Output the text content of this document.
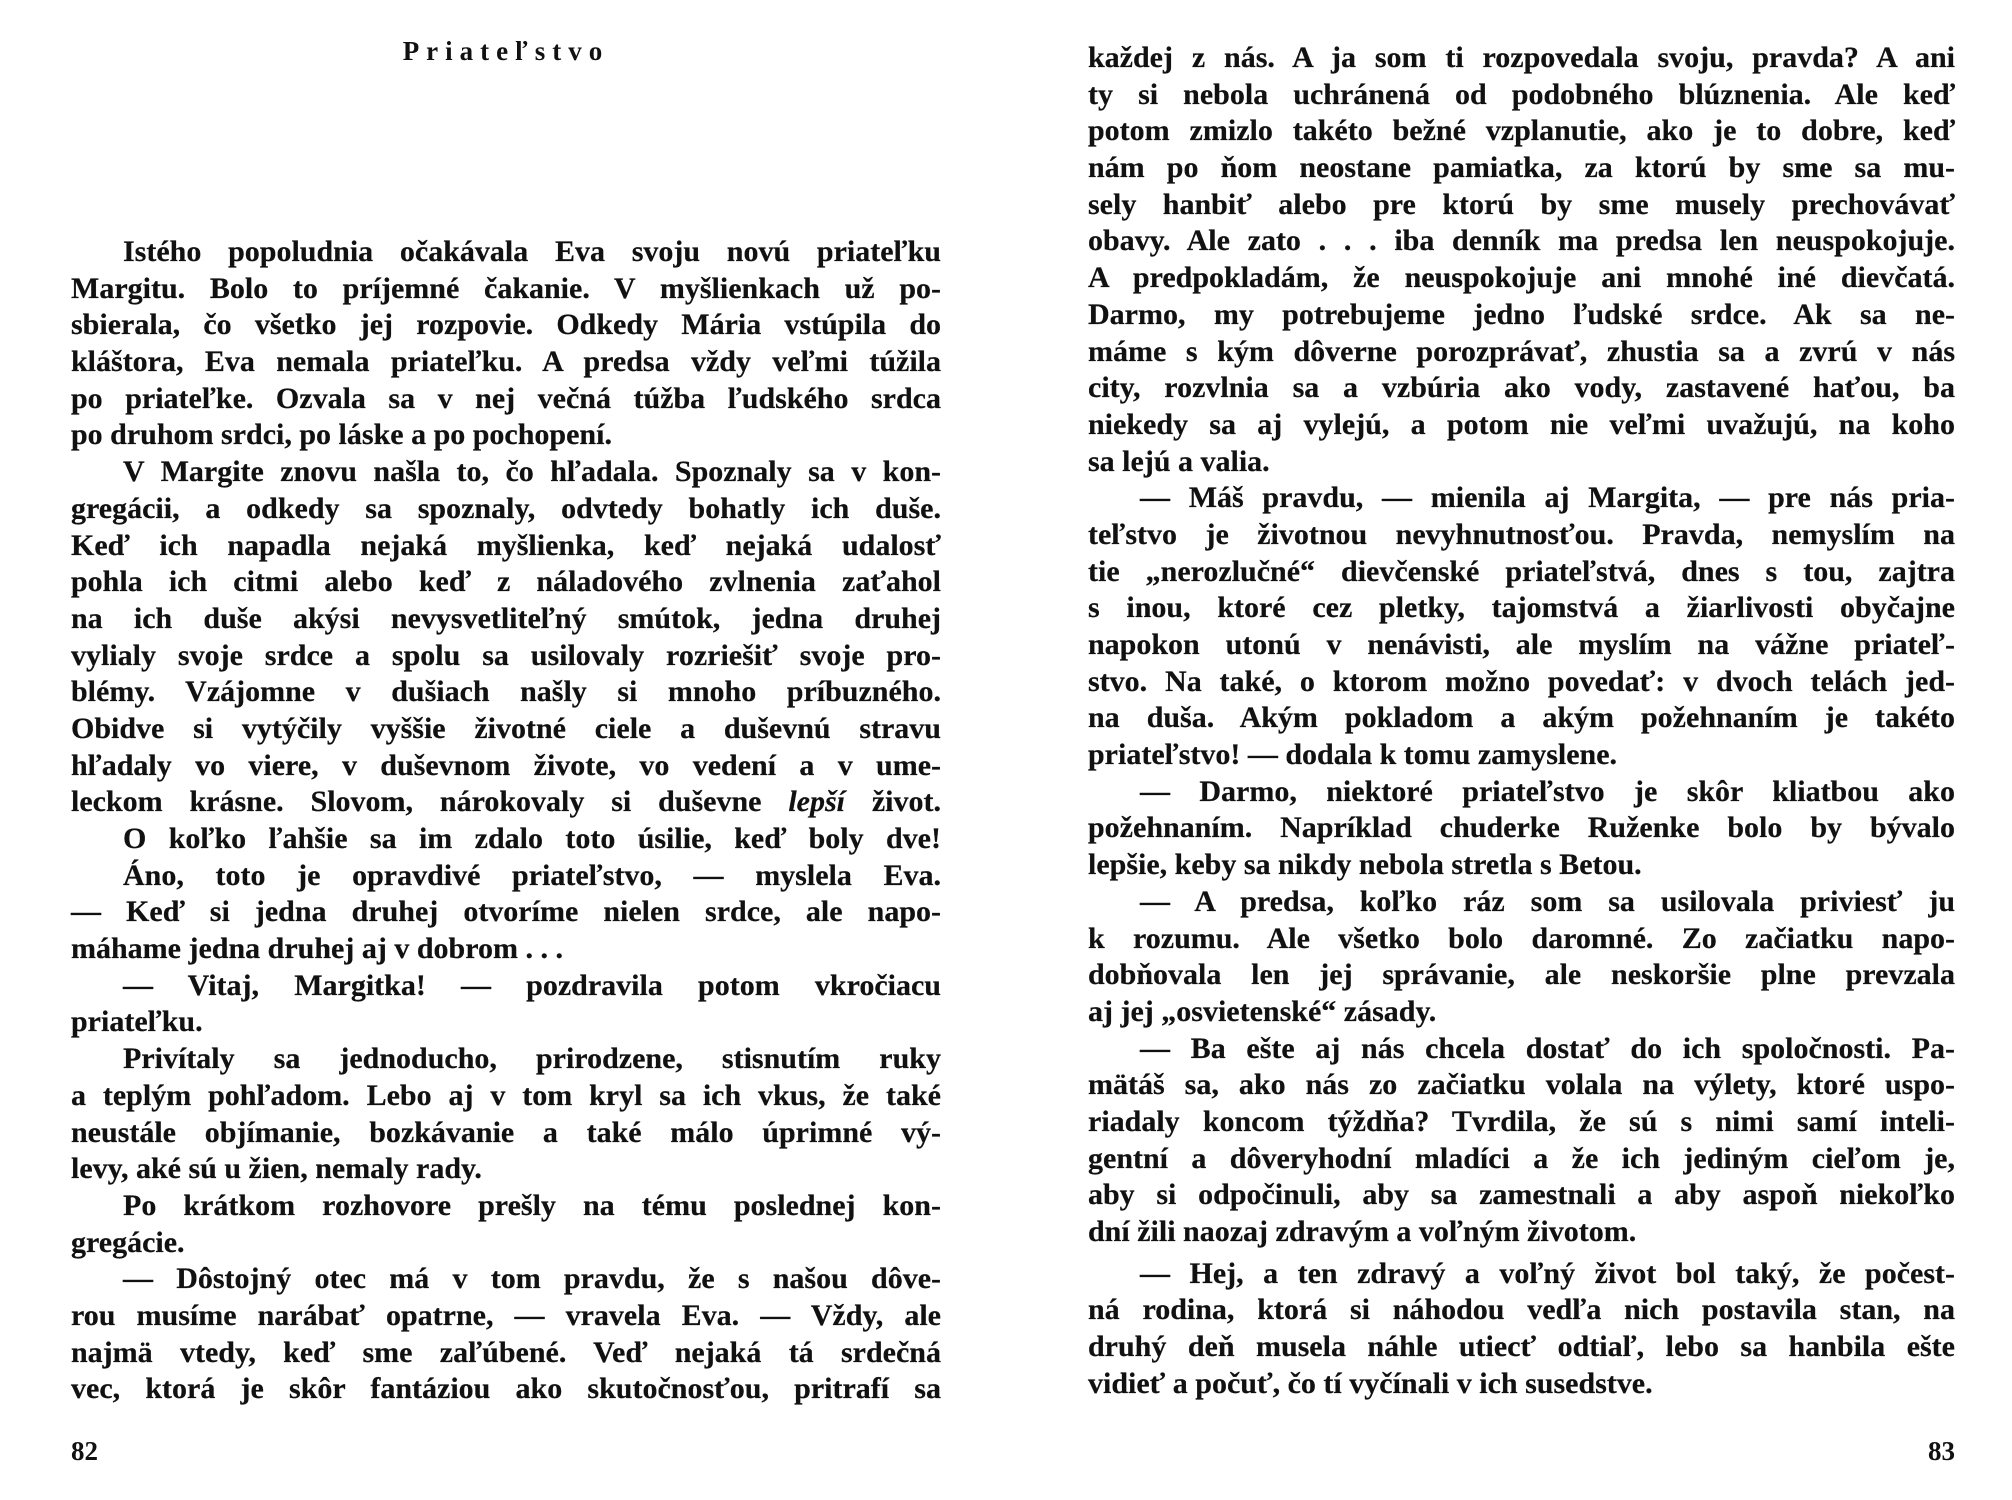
Priateľstvo
Istého popoludnia očakávala Eva svoju novú priateľku
Margitu. Bolo to príjemné čakanie. V myšlienkach už po-
sbierala, čo všetko jej rozpovie. Odkedy Mária vstúpila do
kláštora, Eva nemala priateľku. A predsa vždy veľmi túžila
po priateľke. Ozvala sa v nej večná túžba ľudského srdca
po druhom srdci, po láske a po pochopení.
V Margite znovu našla to, čo hľadala. Spoznaly sa v kon-
gregácii, a odkedy sa spoznaly, odvtedy bohatly ich duše.
Keď ich napadla nejaká myšlienka, keď nejaká udalosť
pohla ich citmi alebo keď z náladového zvlnenia zaťahol
na ich duše akýsi nevysvetliteľný smútok, jedna druhej
vylialy svoje srdce a spolu sa usilovaly rozriešiť svoje pro-
blémy. Vzájomne v dušiach našly si mnoho príbuzného.
Obidve si vytýčily vyššie životné ciele a duševnú stravu
hľadaly vo viere, v duševnom živote, vo vedení a v ume-
leckom krásne. Slovom, nárokovaly si duševne lepší život.
O koľko ľahšie sa im zdalo toto úsilie, keď boly dve!
Áno, toto je opravdivé priateľstvo, — myslela Eva.
— Keď si jedna druhej otvoríme nielen srdce, ale napo-
máhame jedna druhej aj v dobrom . . .
— Vitaj, Margitka! — pozdravila potom vkročiacu
priateľku.
Privítaly sa jednoducho, prirodzene, stisnutím ruky
a teplým pohľadom. Lebo aj v tom kryl sa ich vkus, že také
neustále objímanie, bozkávanie a také málo úprimné vý-
levy, aké sú u žien, nemaly rady.
Po krátkom rozhovore prešly na tému poslednej kon-
gregácie.
— Dôstojný otec má v tom pravdu, že s našou dôve-
rou musíme narábať opatrne, — vravela Eva. — Vždy, ale
najmä vtedy, keď sme zaľúbené. Veď nejaká tá srdečná
vec, ktorá je skôr fantáziou ako skutočnosťou, pritrafí sa
82
každej z nás. A ja som ti rozpovedala svoju, pravda? A ani
ty si nebola uchránená od podobného blúznenia. Ale keď
potom zmizlo takéto bežné vzplanutie, ako je to dobre, keď
nám po ňom neostane pamiatka, za ktorú by sme sa mu-
sely hanbiť alebo pre ktorú by sme musely prechovávať
obavy. Ale zato . . . iba denník ma predsa len neuspokojuje.
A predpokladám, že neuspokojuje ani mnohé iné dievčatá.
Darmo, my potrebujeme jedno ľudské srdce. Ak sa ne-
máme s kým dôverne porozprávať, zhustia sa a zvrú v nás
city, rozvlnia sa a vzbúria ako vody, zastavené haťou, ba
niekedy sa aj vylejú, a potom nie veľmi uvažujú, na koho
sa lejú a valia.
— Máš pravdu, — mienila aj Margita, — pre nás pria-
teľstvo je životnou nevyhnutnosťou. Pravda, nemyslím na
tie „nerozlučné“ dievčenské priateľstvá, dnes s tou, zajtra
s inou, ktoré cez pletky, tajomstvá a žiarlivosti obyčajne
napokon utonú v nenávisti, ale myslím na vážne priateľ-
stvo. Na také, o ktorom možno povedať: v dvoch telách jed-
na duša. Akým pokladom a akým požehnaním je takéto
priateľstvo! — dodala k tomu zamyslene.
— Darmo, niektoré priateľstvo je skôr kliatbou ako
požehnaním. Napríklad chuderke Ruženke bolo by bývalo
lepšie, keby sa nikdy nebola stretla s Betou.
— A predsa, koľko ráz som sa usilovala priviesť ju
k rozumu. Ale všetko bolo daromné. Zo začiatku napo-
dobňovala len jej správanie, ale neskoršie plne prevzala
aj jej „osvietenské“ zásady.
— Ba ešte aj nás chcela dostať do ich spoločnosti. Pa-
mätáš sa, ako nás zo začiatku volala na výlety, ktoré uspo-
riadaly koncom týždňa? Tvrdila, že sú s nimi samí inteli-
gentní a dôveryhodní mladíci a že ich jediným cieľom je,
aby si odpočinuli, aby sa zamestnali a aby aspoň niekoľko
dní žili naozaj zdravým a voľným životom.
— Hej, a ten zdravý a voľný život bol taký, že počest-
ná rodina, ktorá si náhodou vedľa nich postavila stan, na
druhý deň musela náhle utiecť odtiaľ, lebo sa hanbila ešte
vidieť a počuť, čo tí vyčínali v ich susedstve.
83
